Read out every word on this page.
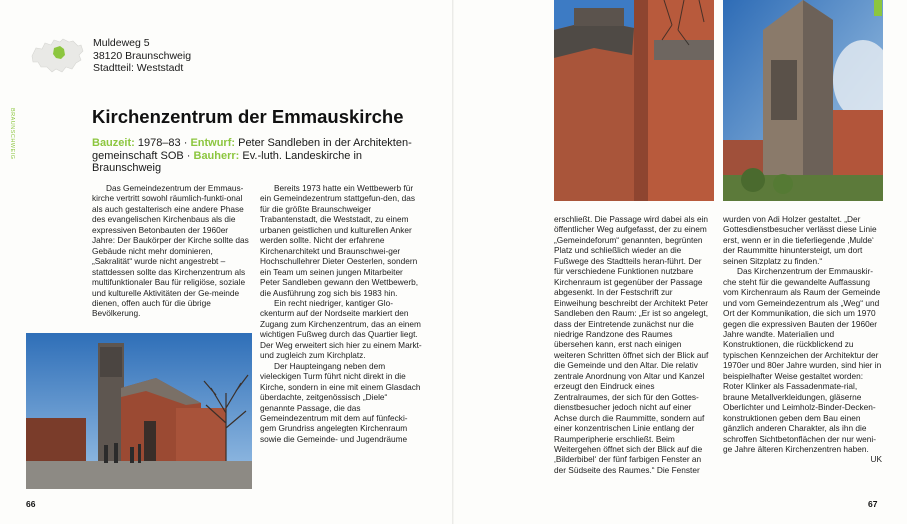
Muldeweg 5
38120 Braunschweig
Stadtteil: Weststadt
BRAUNSCHWEIG	Kirchenzentrum der Emmauskirche
Bauzeit: 1978–83 · Entwurf: Peter Sandleben in der Architekten-gemeinschaft SOB · Bauherr: Ev.-luth. Landeskirche in Braunschweig

Das Gemeindezentrum der Emmaus-kirche vertritt sowohl räumlich-funkti-onal als auch gestalterisch eine andere Phase des evangelischen Kirchenbaus als die expressiven Betonbauten der 1960er Jahre: Der Baukörper der Kirche sollte das Gebäude nicht mehr dominieren, „Sakralität“ wurde nicht angestrebt – stattdessen sollte das Kirchenzentrum als multifunktionaler Bau für religiöse, soziale und kulturelle Aktivitäten der Ge-meinde dienen, offen auch für die übrige Bevölkerung.

Bereits 1973 hatte ein Wettbewerb für ein Gemeindezentrum stattgefun-den, das für die größte Braunschweiger Trabantenstadt, die Weststadt, zu einem urbanen geistlichen und kulturellen Anker werden sollte. Nicht der erfahrene Kirchenarchitekt und Braunschwei-ger Hochschullehrer Dieter Oesterlen, sondern ein Team um seinen jungen Mitarbeiter Peter Sandleben gewann den Wettbewerb, die Ausführung zog sich bis 1983 hin.

Ein recht niedriger, kantiger Glo-ckenturm auf der Nordseite markiert den Zugang zum Kirchenzentrum, das an einem wichtigen Fußweg durch das Quartier liegt. Der Weg erweitert sich hier zu einem Markt- und zugleich zum Kirchplatz.

Der Haupteingang neben dem vieleckigen Turm führt nicht direkt in die Kirche, sondern in eine mit einem Glasdach überdachte, zeitgenössisch „Diele“ genannte Passage, die das Gemeindezentrum mit dem auf fünfecki-gem Grundriss angelegten Kirchenraum sowie die Gemeinde- und Jugendräume

erschließt. Die Passage wird dabei als ein öffentlicher Weg aufgefasst, der zu einem „Gemeindeforum“ genannten, begrünten Platz und schließlich wieder an die Fußwege des Stadtteils heran-führt. Der für verschiedene Funktionen nutzbare Kirchenraum ist gegenüber der Passage abgesenkt. In der Festschrift zur Einweihung beschreibt der Architekt Peter Sandleben den Raum: „Er ist so angelegt, dass der Eintretende zunächst nur die niedrige Randzone des Raumes übersehen kann, erst nach einigen weiteren Schritten öffnet sich der Blick auf die Gemeinde und den Altar. Die relativ zentrale Anordnung von Altar und Kanzel erzeugt den Eindruck eines Zentralraumes, der sich für den Gottes-dienstbesucher jedoch nicht auf einer Achse durch die Raummitte, sondern auf einer konzentrischen Linie entlang der Raumperipherie erschließt. Beim Weitergehen öffnet sich der Blick auf die ‚Bilderbibel‘ der fünf farbigen Fenster an der Südseite des Raumes.“ Die Fenster

wurden von Adi Holzer gestaltet. „Der Gottesdienstbesucher verlässt diese Linie erst, wenn er in die tieferliegende ‚Mulde‘ der Raummitte hinuntersteigt, um dort seinen Sitzplatz zu finden.“

Das Kirchenzentrum der Emmauskir-che steht für die gewandelte Auffassung vom Kirchenraum als Raum der Gemeinde und vom Gemeindezentrum als „Weg“ und Ort der Kommunikation, die sich um 1970 gegen die expressiven Bauten der 1960er Jahre wandte. Materialien und Konstruktionen, die rückblickend zu typischen Kennzeichen der Architektur der 1970er und 80er Jahre wurden, sind hier in beispielhafter Weise gestaltet worden: Roter Klinker als Fassadenmate-rial, braune Metallverkleidungen, gläserne Oberlichter und Leimholz-Binder-Decken-konstruktionen geben dem Bau einen gänzlich anderen Charakter, als ihn die schroffen Sichtbetonflächen der nur weni-ge Jahre älteren Kirchenzentren haben.

UK

66	67
